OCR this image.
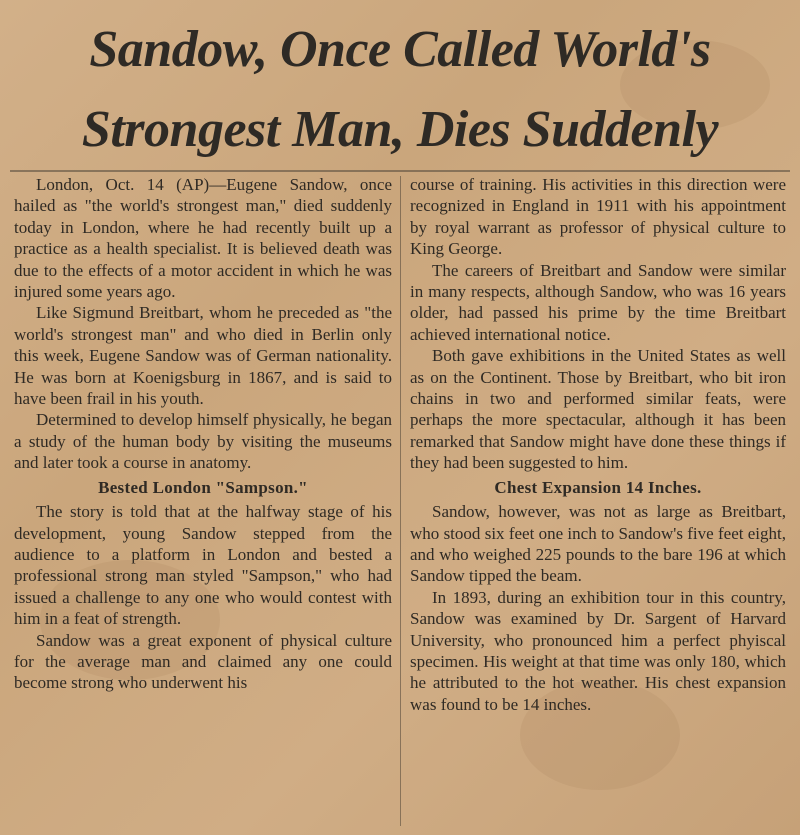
Sandow, Once Called World's
Strongest Man, Dies Suddenly

London, Oct. 14 (AP)—Eugene Sandow, once hailed as "the world's strongest man," died suddenly today in London, where he had recently built up a practice as a health specialist. It is believed death was due to the effects of a motor accident in which he was injured some years ago.

Like Sigmund Breitbart, whom he preceded as "the world's strongest man" and who died in Berlin only this week, Eugene Sandow was of German nationality. He was born at Koenigsburg in 1867, and is said to have been frail in his youth.

Determined to develop himself physically, he began a study of the human body by visiting the museums and later took a course in anatomy.

Bested London "Sampson."

The story is told that at the halfway stage of his development, young Sandow stepped from the audience to a platform in London and bested a professional strong man styled "Sampson," who had issued a challenge to any one who would contest with him in a feat of strength.

Sandow was a great exponent of physical culture for the average man and claimed any one could become strong who underwent his

course of training. His activities in this direction were recognized in England in 1911 with his appointment by royal warrant as professor of physical culture to King George.

The careers of Breitbart and Sandow were similar in many respects, although Sandow, who was 16 years older, had passed his prime by the time Breitbart achieved international notice.

Both gave exhibitions in the United States as well as on the Continent. Those by Breitbart, who bit iron chains in two and performed similar feats, were perhaps the more spectacular, although it has been remarked that Sandow might have done these things if they had been suggested to him.

Chest Expansion 14 Inches.

Sandow, however, was not as large as Breitbart, who stood six feet one inch to Sandow's five feet eight, and who weighed 225 pounds to the bare 196 at which Sandow tipped the beam.

In 1893, during an exhibition tour in this country, Sandow was examined by Dr. Sargent of Harvard University, who pronounced him a perfect phyiscal specimen. His weight at that time was only 180, which he attributed to the hot weather. His chest expansion was found to be 14 inches.
